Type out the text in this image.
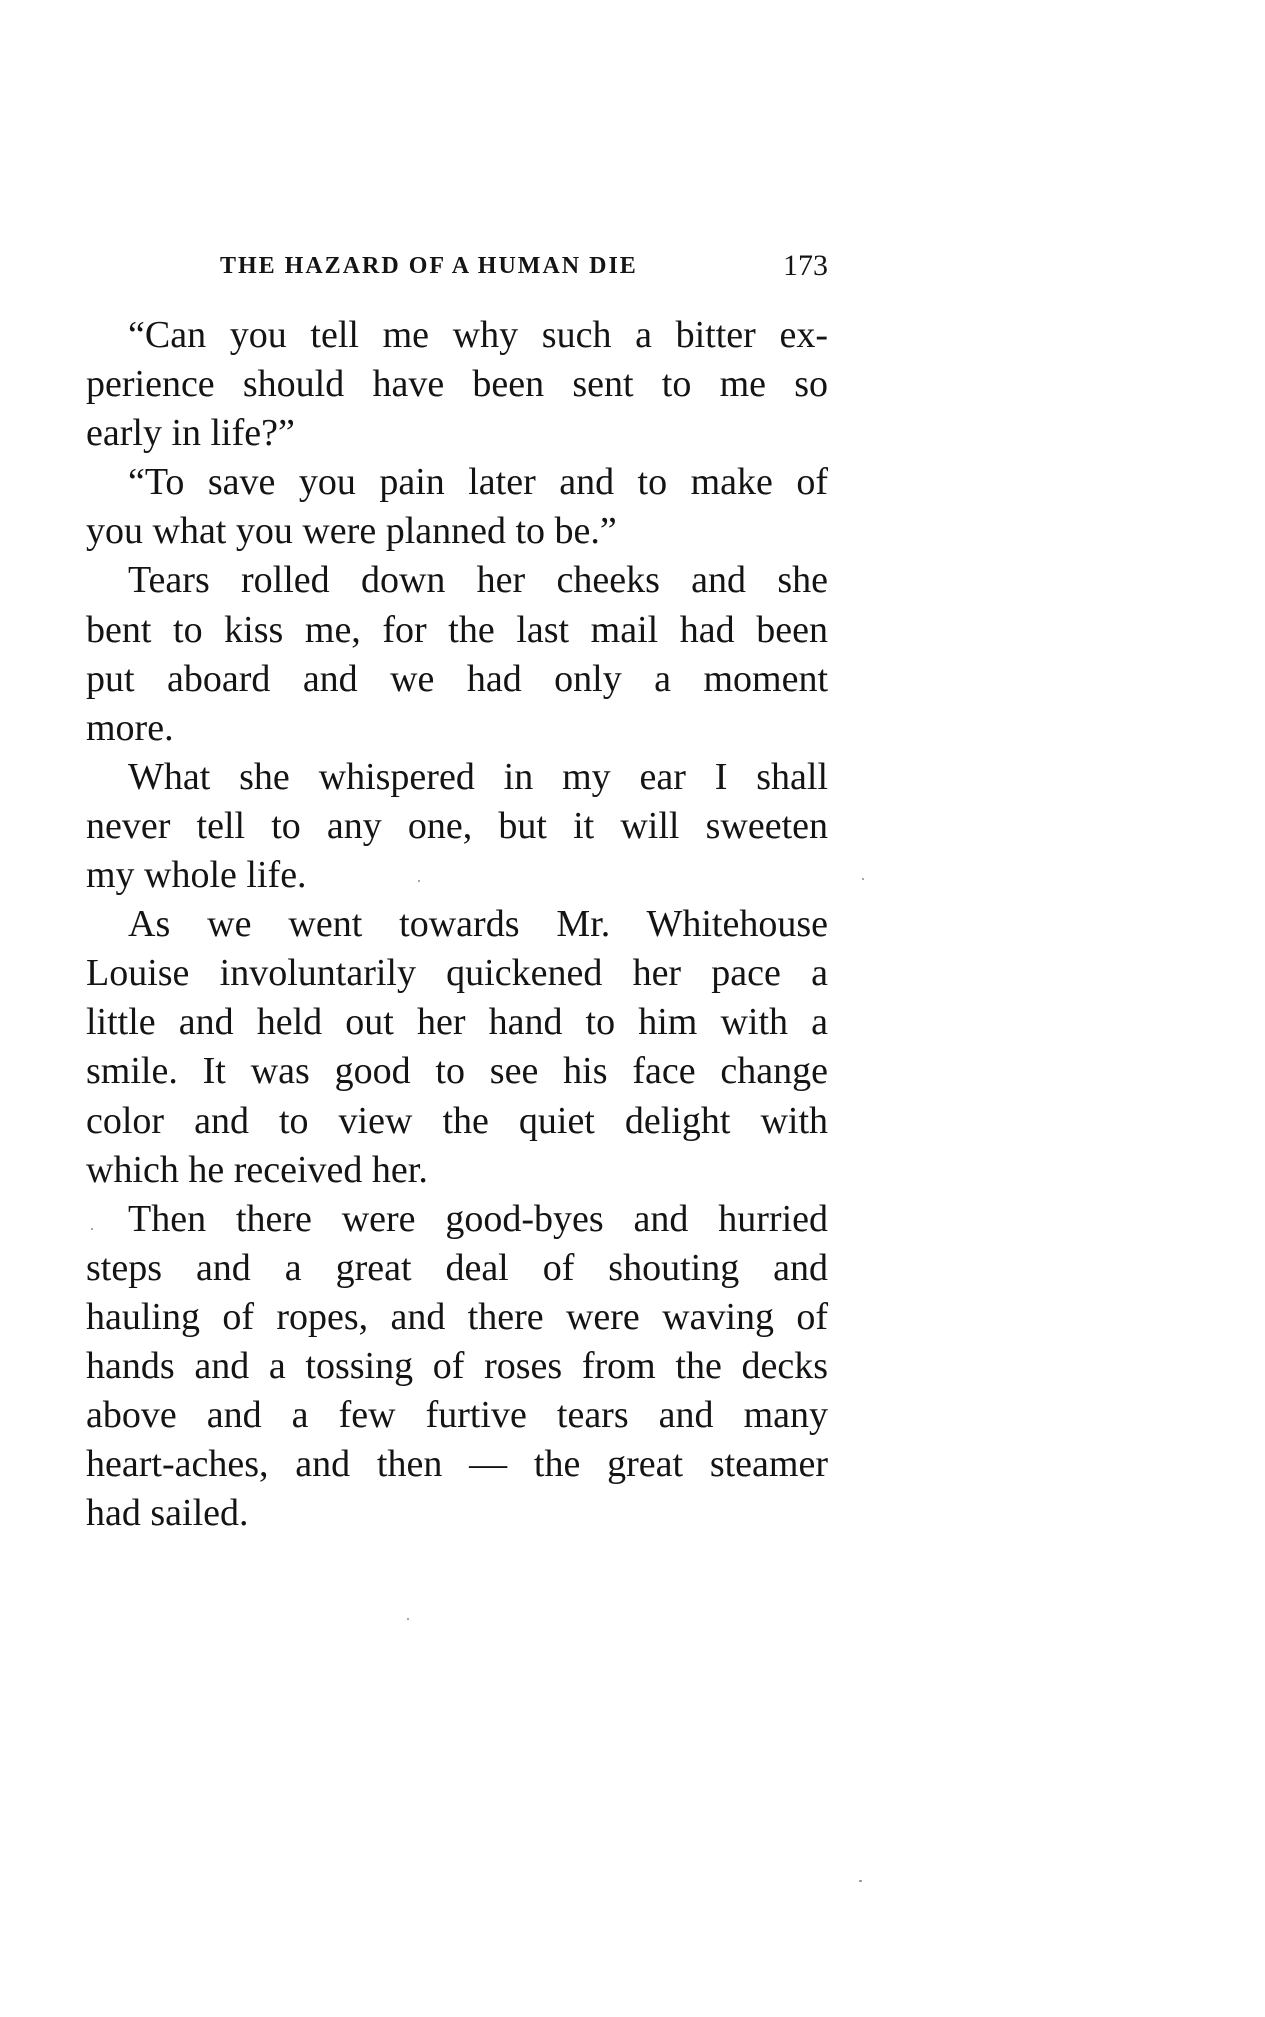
THE HAZARD OF A HUMAN DIE	173

“Can you tell me why such a bitter ex-
perience should have been sent to me so
early in life?”

“To save you pain later and to make of
you what you were planned to be.”

Tears rolled down her cheeks and she
bent to kiss me, for the last mail had been
put aboard and we had only a moment
more.

What she whispered in my ear I shall
never tell to any one, but it will sweeten
my whole life.

As we went towards Mr. Whitehouse
Louise involuntarily quickened her pace a
little and held out her hand to him with a
smile. It was good to see his face change
color and to view the quiet delight with
which he received her.

Then there were good-byes and hurried
steps and a great deal of shouting and
hauling of ropes, and there were waving of
hands and a tossing of roses from the decks
above and a few furtive tears and many
heart-aches, and then — the great steamer
had sailed.
